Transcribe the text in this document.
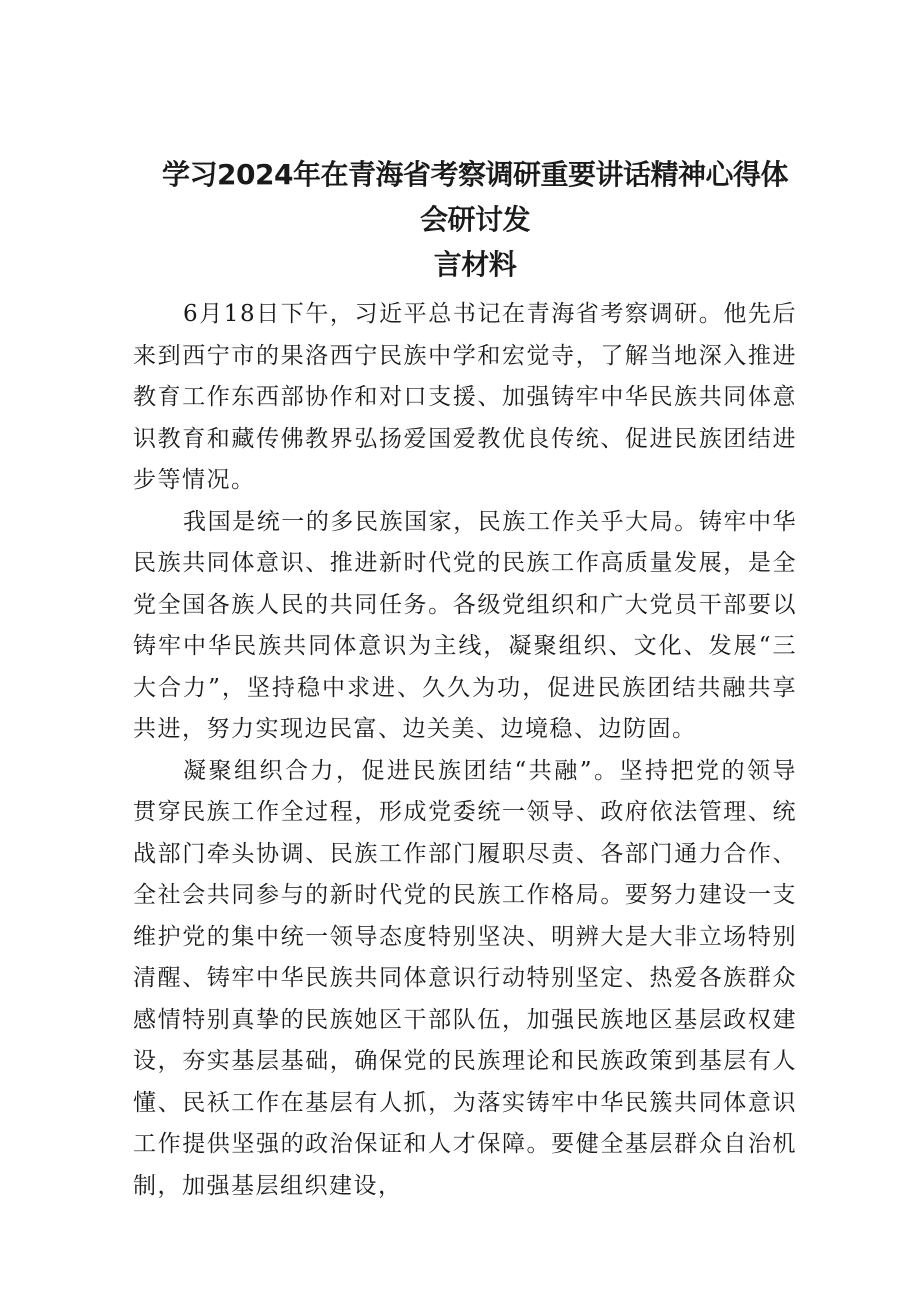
学习2024年在青海省考察调研重要讲话精神心得体会研讨发
言材料

6月18日下午，习近平总书记在青海省考察调研。他先后来到西宁市的果洛西宁民族中学和宏觉寺，了解当地深入推进教育工作东西部协作和对口支援、加强铸牢中华民族共同体意识教育和藏传佛教界弘扬爱国爱教优良传统、促进民族团结进步等情况。

我国是统一的多民族国家，民族工作关乎大局。铸牢中华民族共同体意识、推进新时代党的民族工作高质量发展，是全党全国各族人民的共同任务。各级党组织和广大党员干部要以铸牢中华民族共同体意识为主线，凝聚组织、文化、发展“三大合力”，坚持稳中求进、久久为功，促进民族团结共融共享共进，努力实现边民富、边关美、边境稳、边防固。

凝聚组织合力，促进民族团结“共融”。坚持把党的领导贯穿民族工作全过程，形成党委统一领导、政府依法管理、统战部门牵头协调、民族工作部门履职尽责、各部门通力合作、全社会共同参与的新时代党的民族工作格局。要努力建设一支维护党的集中统一领导态度特别坚决、明辨大是大非立场特别清醒、铸牢中华民族共同体意识行动特别坚定、热爱各族群众感情特别真挚的民族她区干部队伍，加强民族地区基层政权建设，夯实基层基础，确保党的民族理论和民族政策到基层有人懂、民袄工作在基层有人抓，为落实铸牢中华民簇共同体意识工作提供坚强的政治保证和人才保障。要健全基层群众自治机制，加强基层组织建设，
